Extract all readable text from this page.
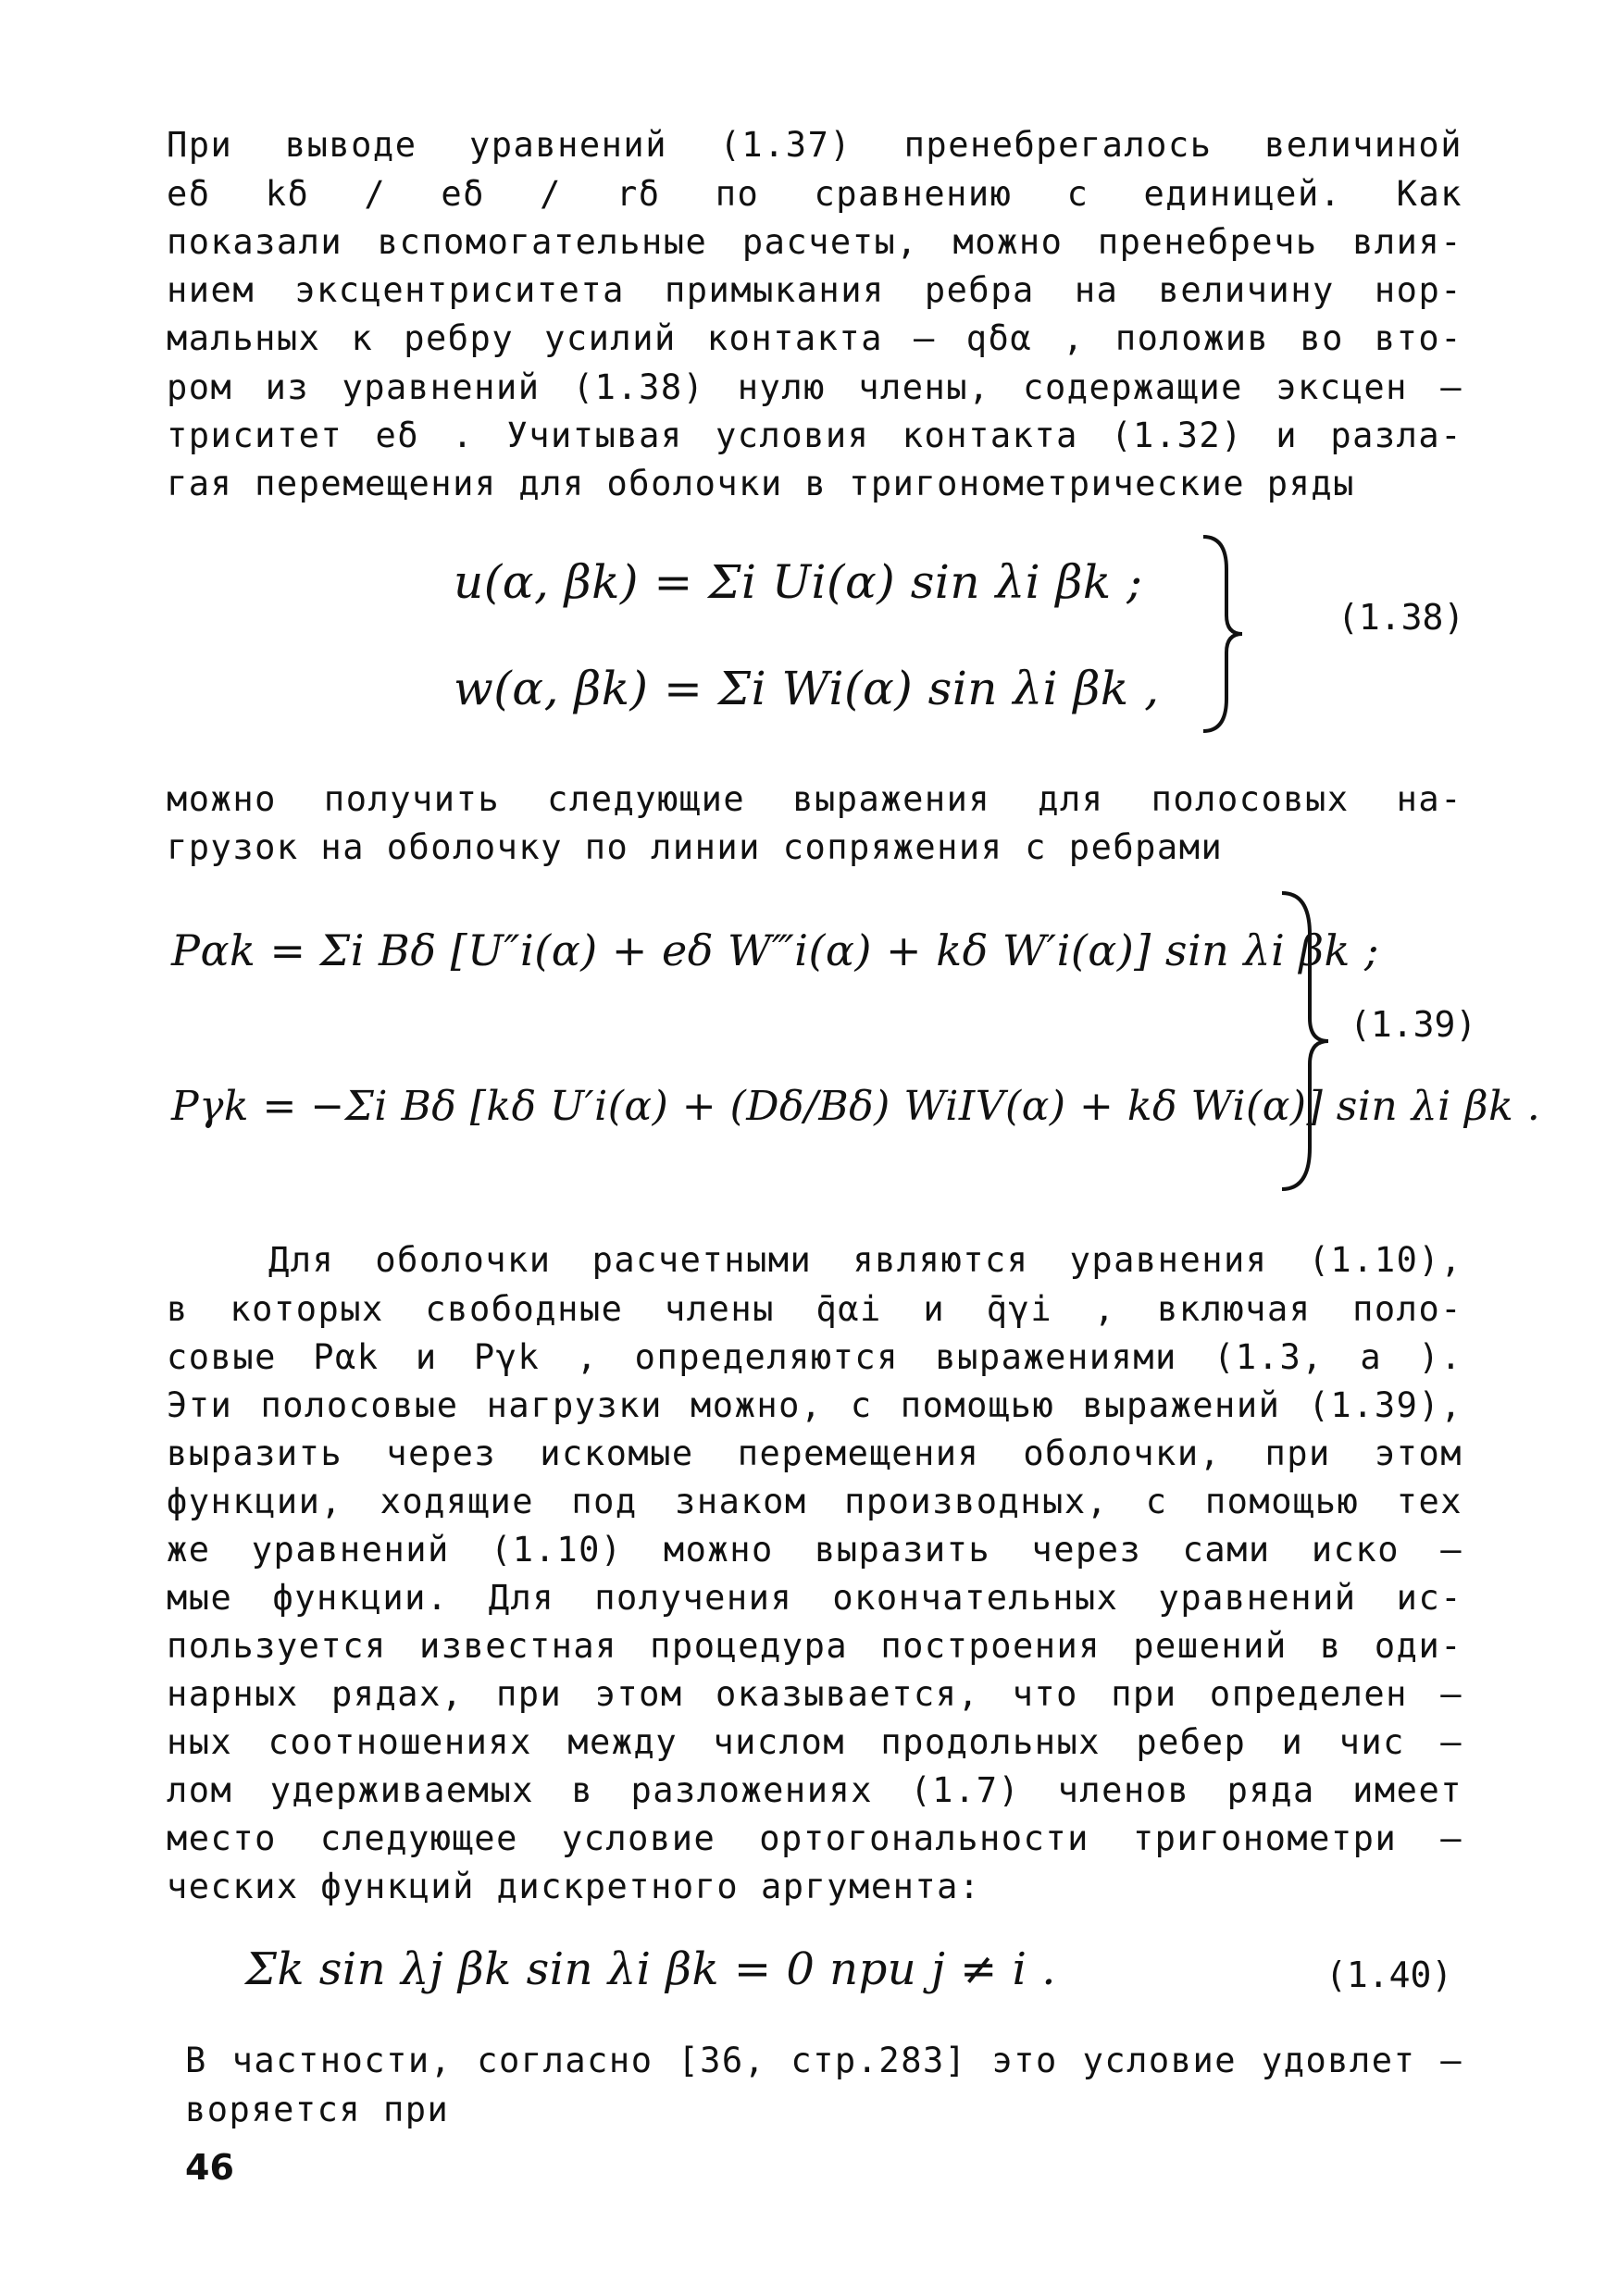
При выводе уравнений (1.37) пренебрегалось величиной
eδ kδ / eδ / rδ по сравнению с единицей. Как
показали вспомогательные расчеты, можно пренебречь влия-
нием эксцентриситета примыкания ребра на величину нор-
мальных к ребру усилий контакта – qδα , положив во вто-
ром из уравнений (1.38) нулю члены, содержащие эксцен –
триситет eδ . Учитывая условия контакта (1.32) и разла-
гая перемещения для оболочки в тригонометрические ряды
u(α, βk) = Σi Ui(α) sin λi βk ;
w(α, βk) = Σi Wi(α) sin λi βk ,
(1.38)
можно получить следующие выражения для полосовых на-
грузок на оболочку по линии сопряжения с ребрами
Pαk = Σi Bδ [U″i(α) + eδ W‴i(α) + kδ W′i(α)] sin λi βk ;
Pγk = −Σi Bδ [kδ U′i(α) + (Dδ/Bδ) WiIV(α) + kδ Wi(α)] sin λi βk .
(1.39)
Для оболочки расчетными являются уравнения (1.10),
в которых свободные члены q̄αi и q̄γi , включая поло-
совые Pαk и Pγk , определяются выражениями (1.3, а ).
Эти полосовые нагрузки можно, с помощью выражений (1.39),
выразить через искомые перемещения оболочки, при этом
функции, ходящие под знаком производных, с помощью тех
же уравнений (1.10) можно выразить через сами иско –
мые функции. Для получения окончательных уравнений ис-
пользуется известная процедура построения решений в оди-
нарных рядах, при этом оказывается, что при определен –
ных соотношениях между числом продольных ребер и чис –
лом удерживаемых в разложениях (1.7) членов ряда имеет
место следующее условие ортогональности тригонометри –
ческих функций дискретного аргумента:
Σk sin λj βk sin λi βk = 0 при j ≠ i .	(1.40)
В частности, согласно [36, стр.283] это условие удовлет –
воряется при
46
